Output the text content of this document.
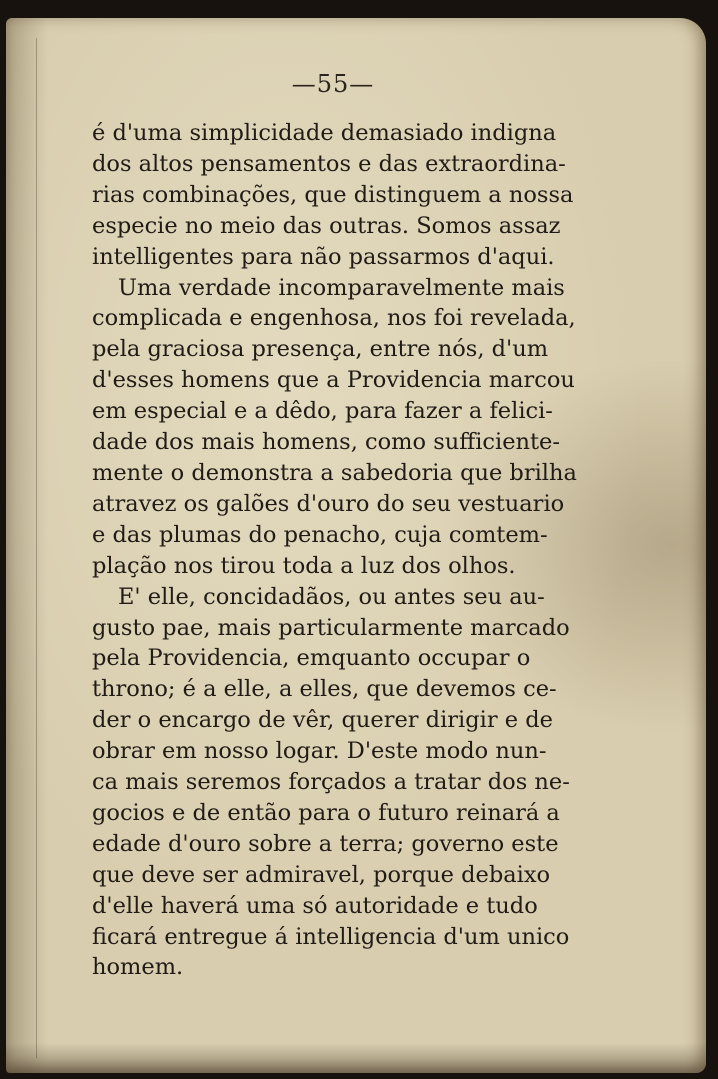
—55—
é d'uma simplicidade demasiado indigna
dos altos pensamentos e das extraordina-
rias combinações, que distinguem a nossa
especie no meio das outras. Somos assaz
intelligentes para não passarmos d'aqui.
Uma verdade incomparavelmente mais
complicada e engenhosa, nos foi revelada,
pela graciosa presença, entre nós, d'um
d'esses homens que a Providencia marcou
em especial e a dêdo, para fazer a felici-
dade dos mais homens, como sufficiente-
mente o demonstra a sabedoria que brilha
atravez os galões d'ouro do seu vestuario
e das plumas do penacho, cuja comtem-
plação nos tirou toda a luz dos olhos.
E' elle, concidadãos, ou antes seu au-
gusto pae, mais particularmente marcado
pela Providencia, emquanto occupar o
throno; é a elle, a elles, que devemos ce-
der o encargo de vêr, querer dirigir e de
obrar em nosso logar. D'este modo nun-
ca mais seremos forçados a tratar dos ne-
gocios e de então para o futuro reinará a
edade d'ouro sobre a terra; governo este
que deve ser admiravel, porque debaixo
d'elle haverá uma só autoridade e tudo
ficará entregue á intelligencia d'um unico
homem.
